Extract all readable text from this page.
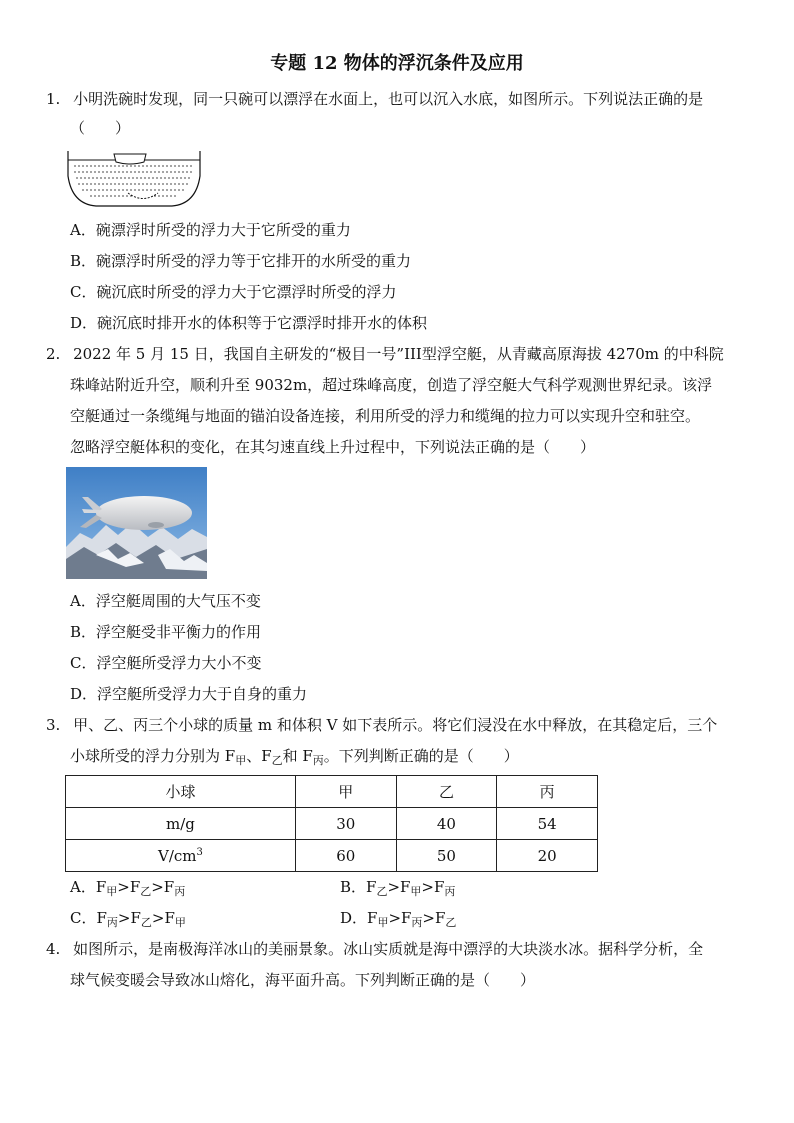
专题 12 物体的浮沉条件及应用
1. 小明洗碗时发现，同一只碗可以漂浮在水面上，也可以沉入水底，如图所示。下列说法正确的是
（　　）
A．碗漂浮时所受的浮力大于它所受的重力
B．碗漂浮时所受的浮力等于它排开的水所受的重力
C．碗沉底时所受的浮力大于它漂浮时所受的浮力
D．碗沉底时排开水的体积等于它漂浮时排开水的体积
2. 2022 年 5 月 15 日，我国自主研发的“极目一号”III型浮空艇，从青藏高原海拔 4270m 的中科院
珠峰站附近升空，顺利升至 9032m，超过珠峰高度，创造了浮空艇大气科学观测世界纪录。该浮
空艇通过一条缆绳与地面的锚泊设备连接，利用所受的浮力和缆绳的拉力可以实现升空和驻空。
忽略浮空艇体积的变化，在其匀速直线上升过程中，下列说法正确的是（　　）
A．浮空艇周围的大气压不变
B．浮空艇受非平衡力的作用
C．浮空艇所受浮力大小不变
D．浮空艇所受浮力大于自身的重力
3. 甲、乙、丙三个小球的质量 m 和体积 V 如下表所示。将它们浸没在水中释放，在其稳定后，三个
小球所受的浮力分别为 $F_甲$、$F_乙$和 $F_丙$。下列判断正确的是（　　）
小球	甲	乙	丙
m/g	30	40	54
$V/cm^3$	60	50	20
A．$F_甲>F_乙>F_丙$	B．$F_乙>F_甲>F_丙$
C．$F_丙>F_乙>F_甲$	D．$F_甲>F_丙>F_乙$
4. 如图所示，是南极海洋冰山的美丽景象。冰山实质就是海中漂浮的大块淡水冰。据科学分析，全
球气候变暖会导致冰山熔化，海平面升高。下列判断正确的是（　　）
